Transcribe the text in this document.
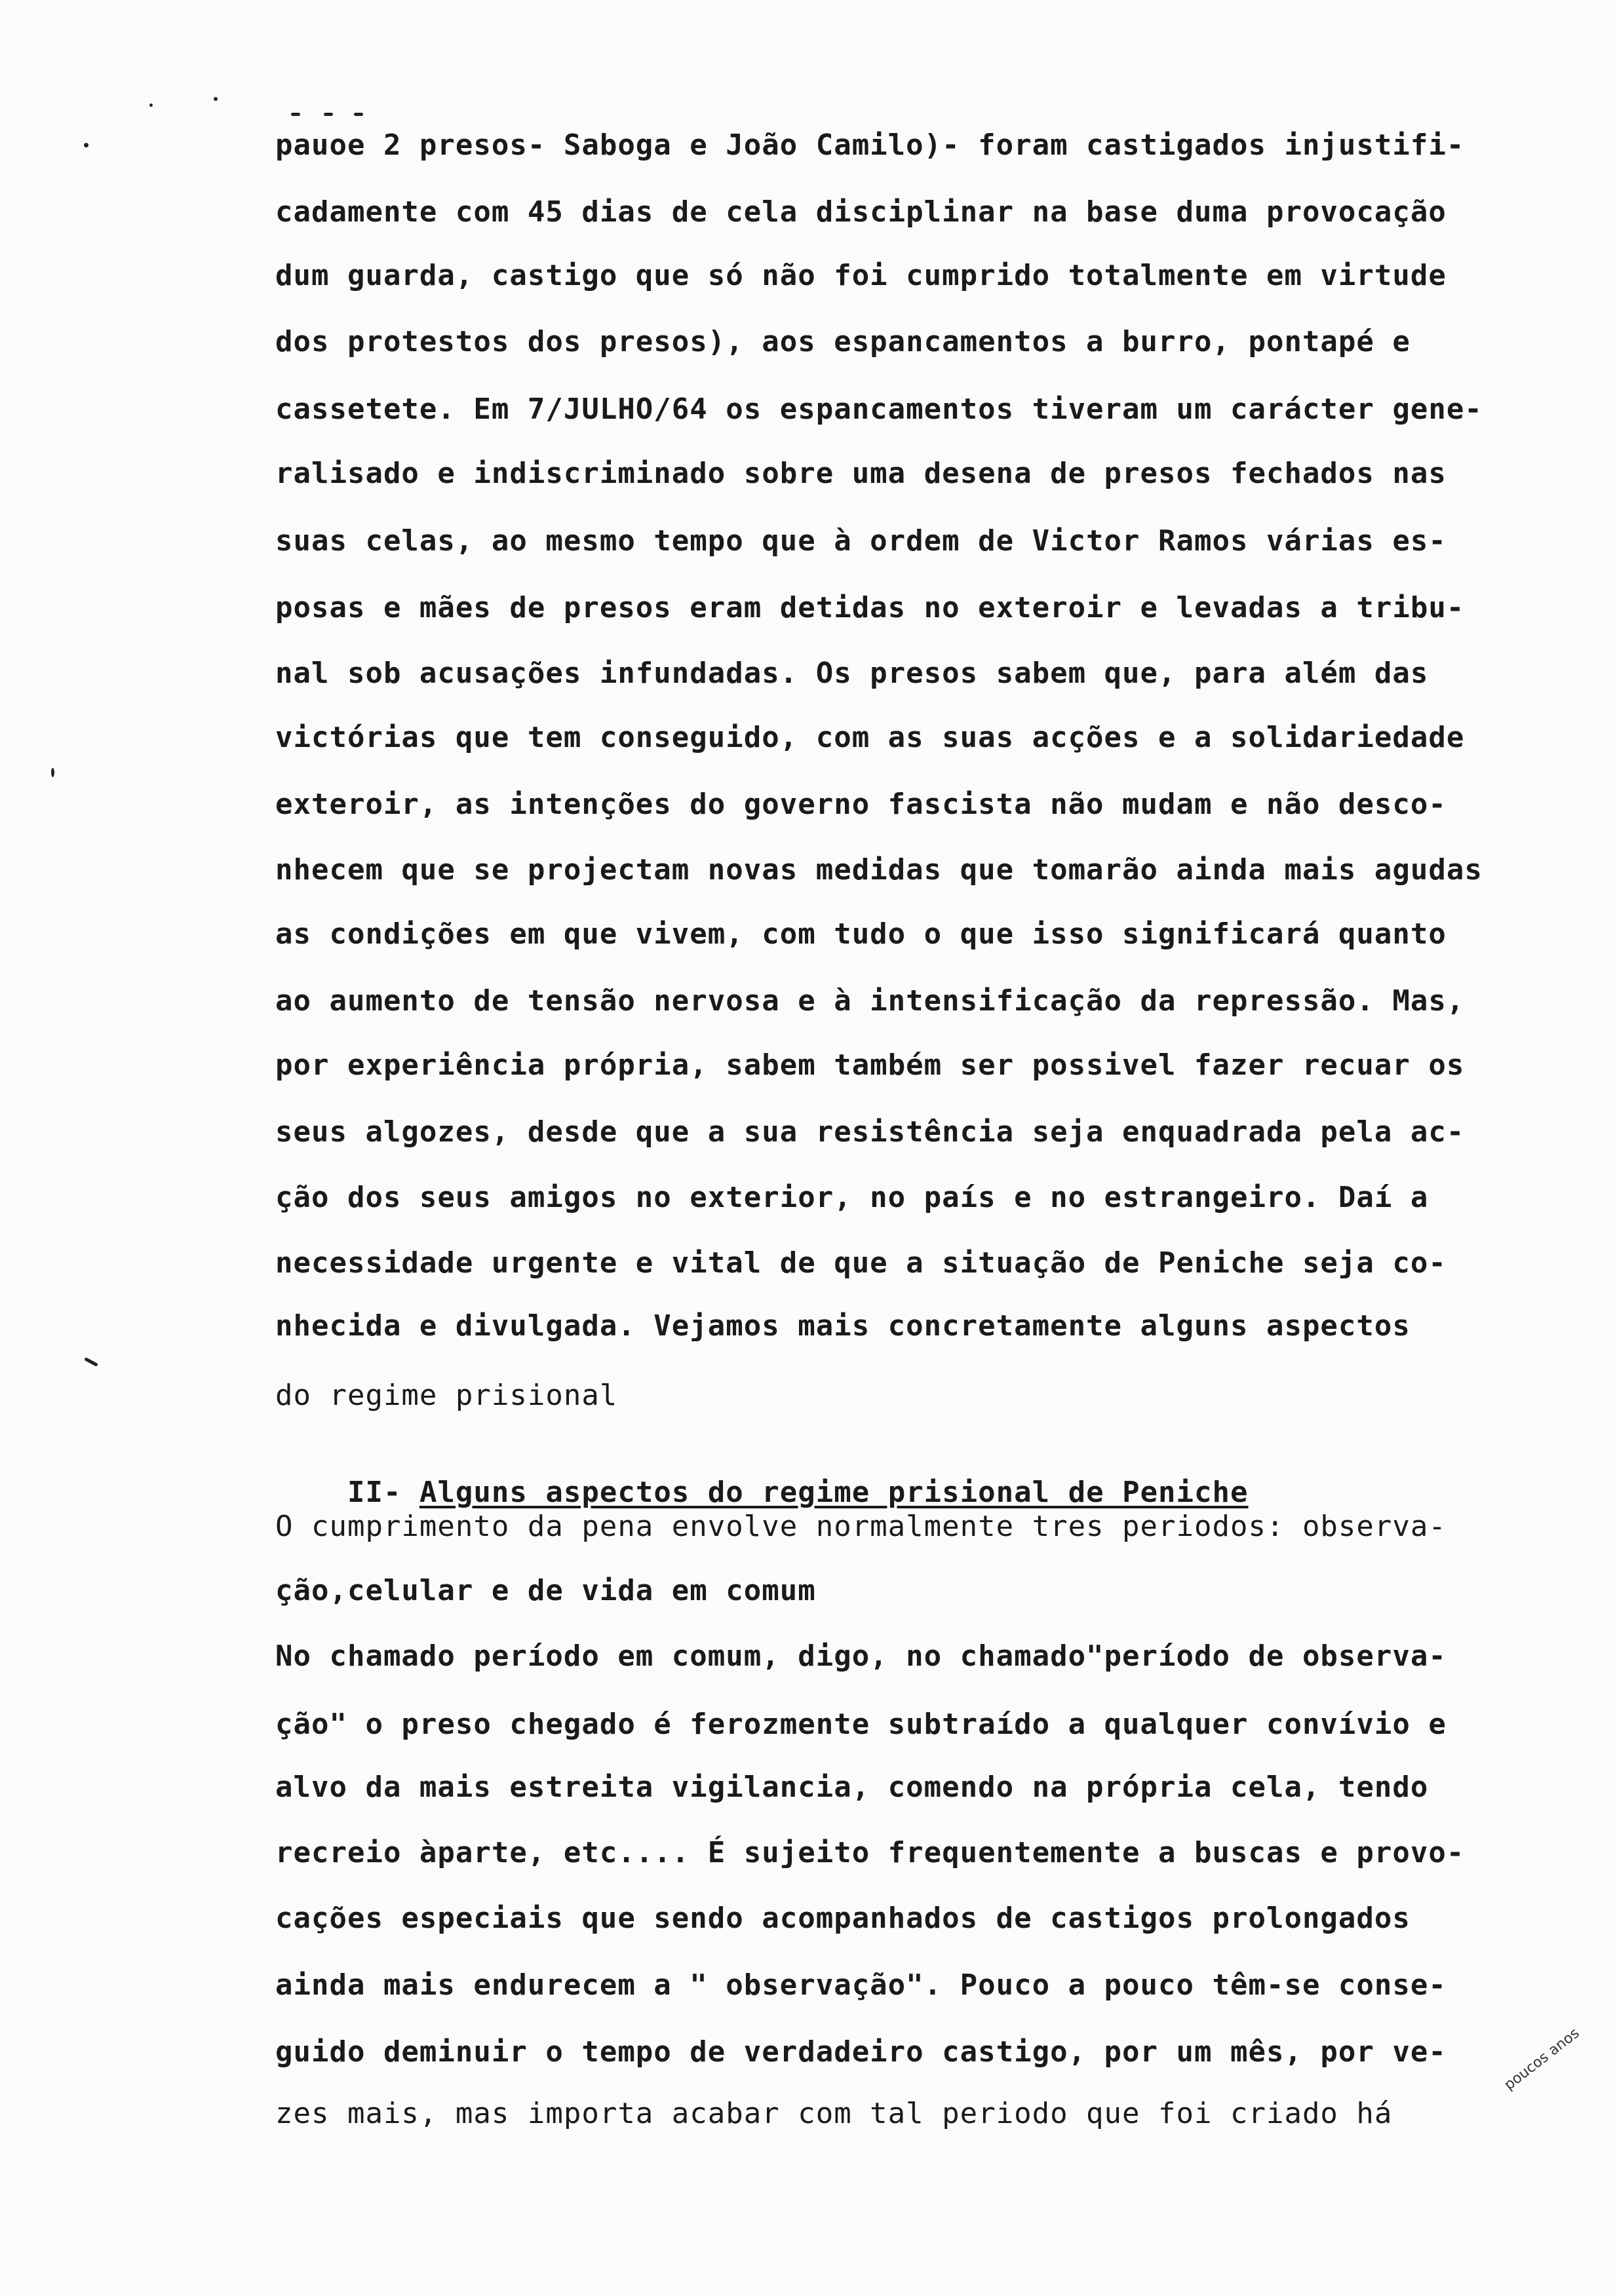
pauoe 2 presos- Saboga e João Camilo)- foram castigados injustifi-
cadamente com 45 dias de cela disciplinar na base duma provocação
dum guarda, castigo que só não foi cumprido totalmente em virtude
dos protestos dos presos), aos espancamentos a burro, pontapé e
cassetete. Em 7/JULHO/64 os espancamentos tiveram um carácter gene-
ralisado e indiscriminado sobre uma desena de presos fechados nas
suas celas, ao mesmo tempo que à ordem de Victor Ramos várias es-
posas e mães de presos eram detidas no exteroir e levadas a tribu-
nal sob acusações infundadas. Os presos sabem que, para além das
victórias que tem conseguido, com as suas acções e a solidariedade
exteroir, as intenções do governo fascista não mudam e não desco-
nhecem que se projectam novas medidas que tomarão ainda mais agudas
as condições em que vivem, com tudo o que isso significará quanto
ao aumento de tensão nervosa e à intensificação da repressão. Mas,
por experiência própria, sabem também ser possivel fazer recuar os
seus algozes, desde que a sua resistência seja enquadrada pela ac-
ção dos seus amigos no exterior, no país e no estrangeiro. Daí a
necessidade urgente e vital de que a situação de Peniche seja co-
nhecida e divulgada. Vejamos mais concretamente alguns aspectos
do regime prisional

II- Alguns aspectos do regime prisional de Peniche

O cumprimento da pena envolve normalmente tres periodos: observa-
ção,celular e de vida em comum
No chamado período em comum, digo, no chamado"período de observa-
ção" o preso chegado é ferozmente subtraído a qualquer convívio e
alvo da mais estreita vigilancia, comendo na própria cela, tendo
recreio àparte, etc.... É sujeito frequentemente a buscas e provo-
cações especiais que sendo acompanhados de castigos prolongados
ainda mais endurecem a " observação". Pouco a pouco têm-se conse-
guido deminuir o tempo de verdadeiro castigo, por um mês, por ve-
zes mais, mas importa acabar com tal periodo que foi criado há
poucos anos
